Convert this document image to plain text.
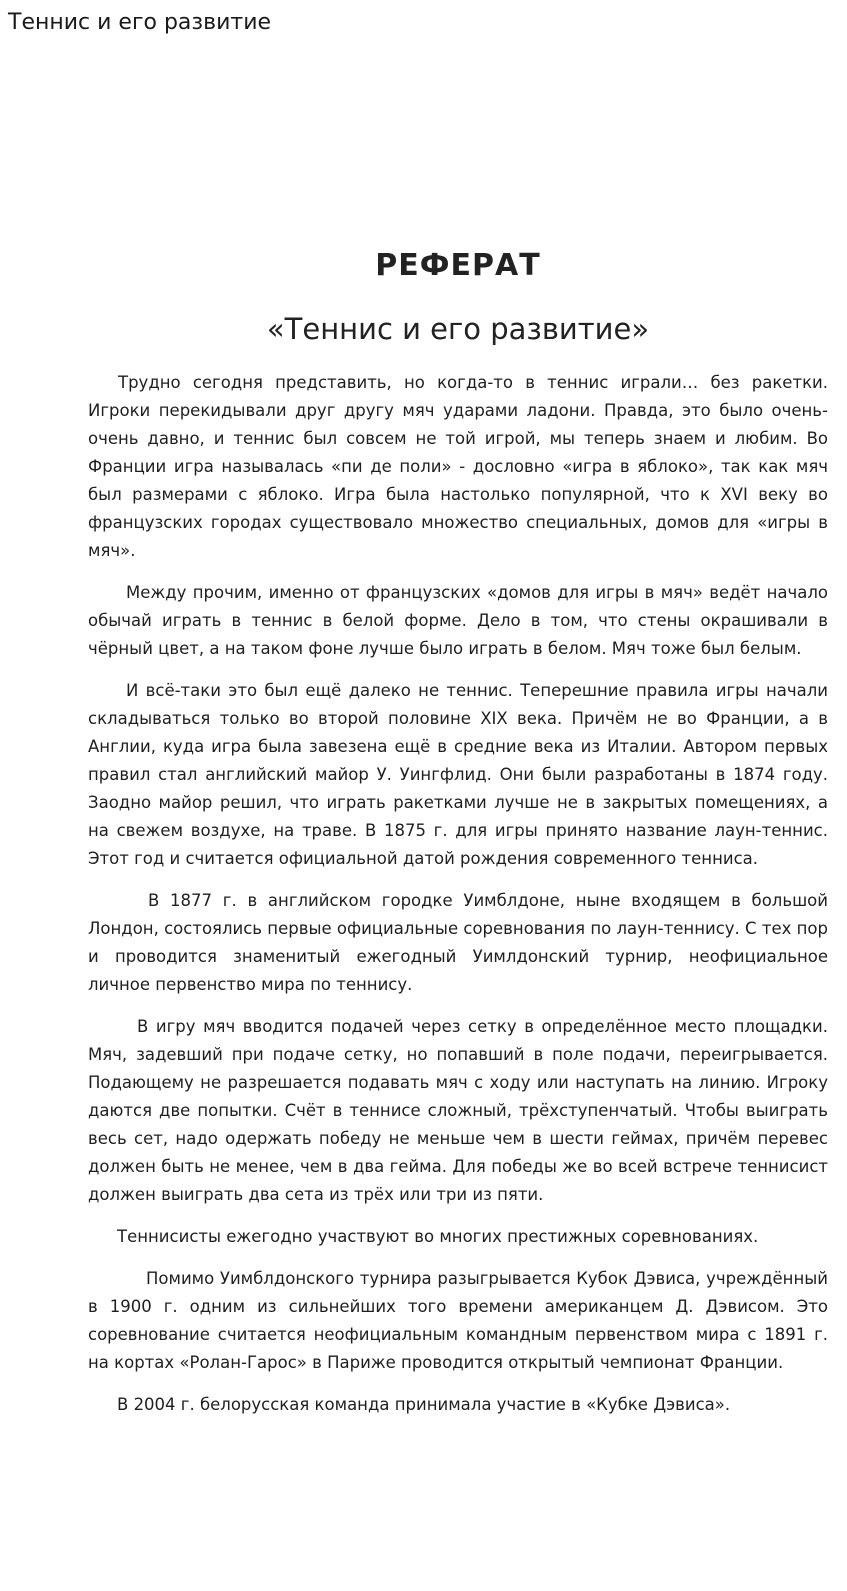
Теннис и его развитие
РЕФЕРАТ
«Теннис и его развитие»

Трудно сегодня представить, но когда-то в теннис играли… без ракетки. Игроки перекидывали друг другу мяч ударами ладони. Правда, это было очень-очень давно, и теннис был совсем не той игрой, мы теперь знаем и любим. Во Франции игра называлась «пи де поли» - дословно «игра в яблоко», так как мяч был размерами с яблоко. Игра была настолько популярной, что к XVI веку во французских городах существовало множество специальных, домов для «игры в мяч».

Между прочим, именно от французских «домов для игры в мяч» ведёт начало обычай играть в теннис в белой форме. Дело в том, что стены окрашивали в чёрный цвет, а на таком фоне лучше было играть в белом. Мяч тоже был белым.

И всё-таки это был ещё далеко не теннис. Теперешние правила игры начали складываться только во второй половине XIX века. Причём не во Франции, а в Англии, куда игра была завезена ещё в средние века из Италии. Автором первых правил стал английский майор У. Уингфлид. Они были разработаны в 1874 году. Заодно майор решил, что играть ракетками лучше не в закрытых помещениях, а на свежем воздухе, на траве. В 1875 г. для игры принято название лаун-теннис. Этот год и считается официальной датой рождения современного тенниса.

В 1877 г. в английском городке Уимблдоне, ныне входящем в большой Лондон, состоялись первые официальные соревнования по лаун-теннису. С тех пор и проводится знаменитый ежегодный Уимлдонский турнир, неофициальное личное первенство мира по теннису.

В игру мяч вводится подачей через сетку в определённое место площадки. Мяч, задевший при подаче сетку, но попавший в поле подачи, переигрывается. Подающему не разрешается подавать мяч с ходу или наступать на линию. Игроку даются две попытки. Счёт в теннисе сложный, трёхступенчатый. Чтобы выиграть весь сет, надо одержать победу не меньше чем в шести геймах, причём перевес должен быть не менее, чем в два гейма. Для победы же во всей встрече теннисист должен выиграть два сета из трёх или три из пяти.

Теннисисты ежегодно участвуют во многих престижных соревнованиях.

Помимо Уимблдонского турнира разыгрывается Кубок Дэвиса, учреждённый в 1900 г. одним из сильнейших того времени американцем Д. Дэвисом. Это соревнование считается неофициальным командным первенством мира с 1891 г. на кортах «Ролан-Гарос» в Париже проводится открытый чемпионат Франции.

В 2004 г. белорусская команда принимала участие в «Кубке Дэвиса».
